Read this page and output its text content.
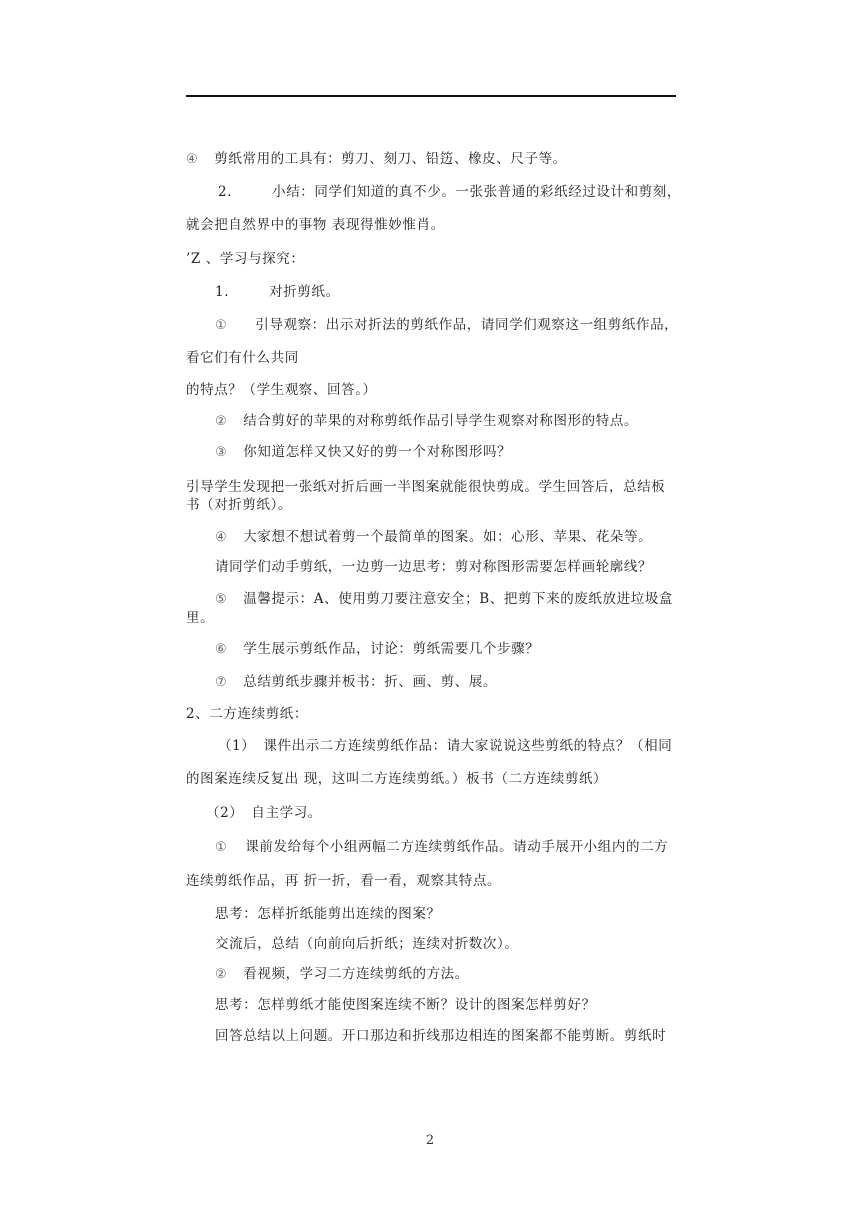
④ 剪纸常用的工具有：剪刀、刻刀、铅笾、橡皮、尺子等。
2.	小结：同学们知道的真不少。一张张普通的彩纸经过设计和剪刻，
就会把自然界中的事物 表现得惟妙惟肖。
’Z 、学习与探究：
1.	对折剪纸。
① 引导观察：出示对折法的剪纸作品，请同学们观察这一组剪纸作品，
看它们有什么共同
的特点？（学生观察、回答。）
② 结合剪好的苹果的对称剪纸作品引导学生观察对称图形的特点。
③ 你知道怎样又快又好的剪一个对称图形吗？
引导学生发现把一张纸对折后画一半图案就能很快剪成。学生回答后，总结板书（对折剪纸）。
④ 大家想不想试着剪一个最简单的图案。如：心形、苹果、花朵等。
请同学们动手剪纸，一边剪一边思考：剪对称图形需要怎样画轮廓线？
⑤ 温馨提示：A、使用剪刀要注意安全；B、把剪下来的废纸放进垃圾盒里。
⑥ 学生展示剪纸作品，讨论：剪纸需要几个步骤？
⑦ 总结剪纸步骤并板书：折、画、剪、展。
2、二方连续剪纸：
（1） 课件出示二方连续剪纸作品：请大家说说这些剪纸的特点？（相同
的图案连续反复出 现，这叫二方连续剪纸。）板书（二方连续剪纸）
（2） 自主学习。
① 课前发给每个小组两幅二方连续剪纸作品。请动手展开小组内的二方
连续剪纸作品，再 折一折，看一看，观察其特点。
思考：怎样折纸能剪出连续的图案？
交流后，总结（向前向后折纸；连续对折数次）。
② 看视频，学习二方连续剪纸的方法。
思考：怎样剪纸才能使图案连续不断？设计的图案怎样剪好？
回答总结以上问题。开口那边和折线那边相连的图案都不能剪断。剪纸时
2
